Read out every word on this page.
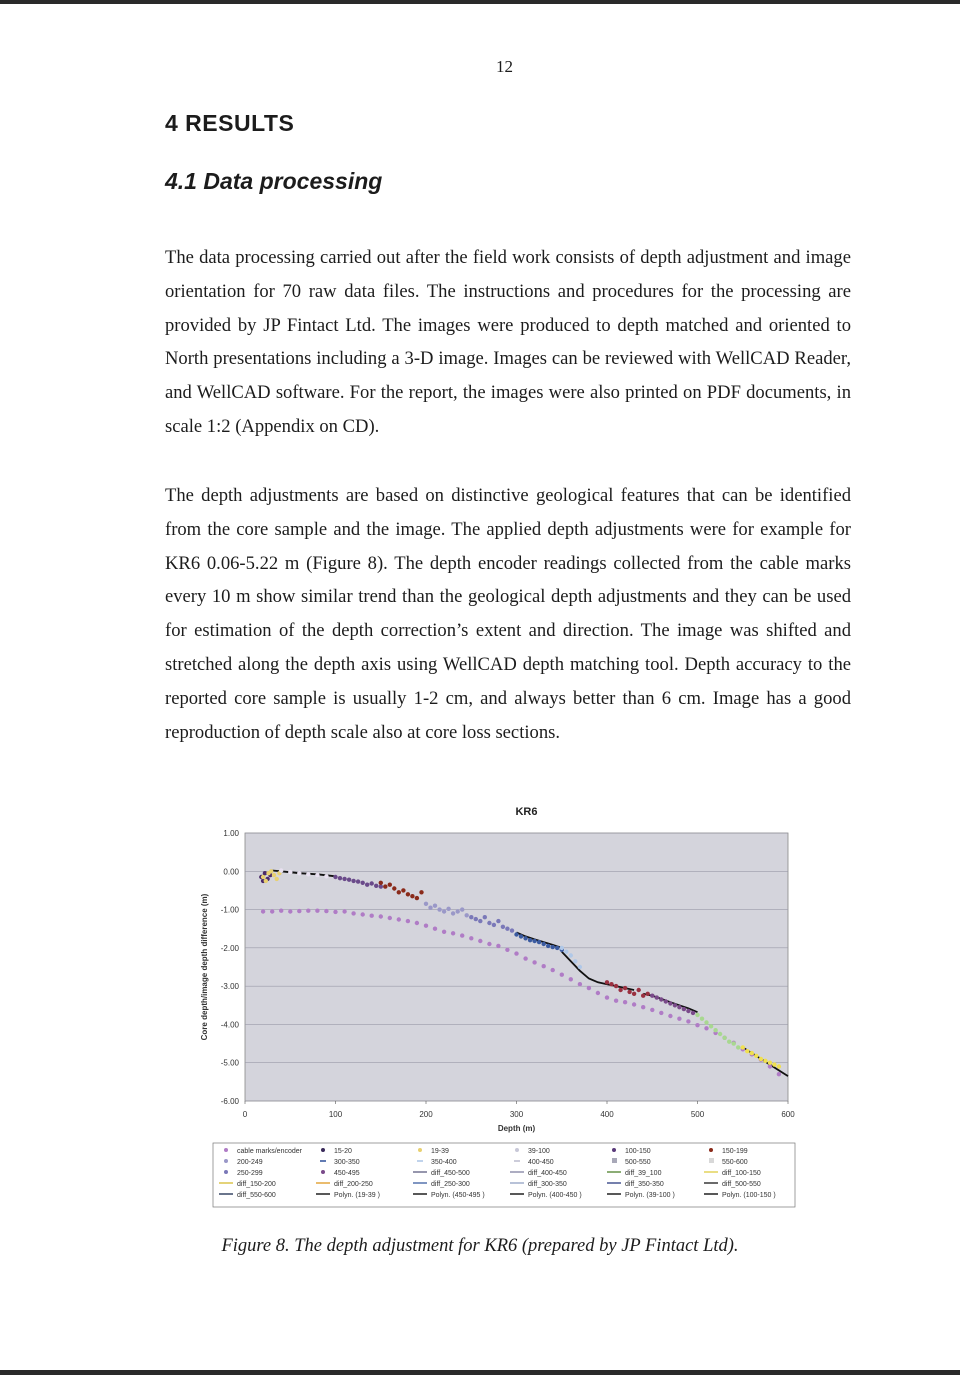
12
4 RESULTS
4.1 Data processing
The data processing carried out after the field work consists of depth adjustment and image orientation for 70 raw data files. The instructions and procedures for the processing are provided by JP Fintact Ltd. The images were produced to depth matched and oriented to North presentations including a 3-D image. Images can be reviewed with WellCAD Reader, and WellCAD software. For the report, the images were also printed on PDF documents, in scale 1:2 (Appendix on CD).
The depth adjustments are based on distinctive geological features that can be identified from the core sample and the image. The applied depth adjustments were for example for KR6 0.06-5.22 m (Figure 8). The depth encoder readings collected from the cable marks every 10 m show similar trend than the geological depth adjustments and they can be used for estimation of the depth correction’s extent and direction. The image was shifted and stretched along the depth axis using WellCAD depth matching tool. Depth accuracy to the reported core sample is usually 1-2 cm, and always better than 6 cm. Image has a good reproduction of depth scale also at core loss sections.
KR6
1.00
0.00
-1.00
-2.00
-3.00
-4.00
-5.00
-6.00
0	100	200	300	400	500	600
Depth (m)
Core depth/image depth difference (m)
cable marks/encoder	15-20	19-39	39-100	100-150	150-199
200-249	300-350	350-400	400-450	500-550	550-600
250-299	450-495	diff_450-500	diff_400-450	diff_39_100	diff_100-150
diff_150-200	diff_200-250	diff_250-300	diff_300-350	diff_350-350	diff_500-550
diff_550-600	Polyn. (19-39 )	Polyn. (450-495 )	Polyn. (400-450 )	Polyn. (39-100 )	Polyn. (100-150 )
Figure 8. The depth adjustment for KR6 (prepared by JP Fintact Ltd).
